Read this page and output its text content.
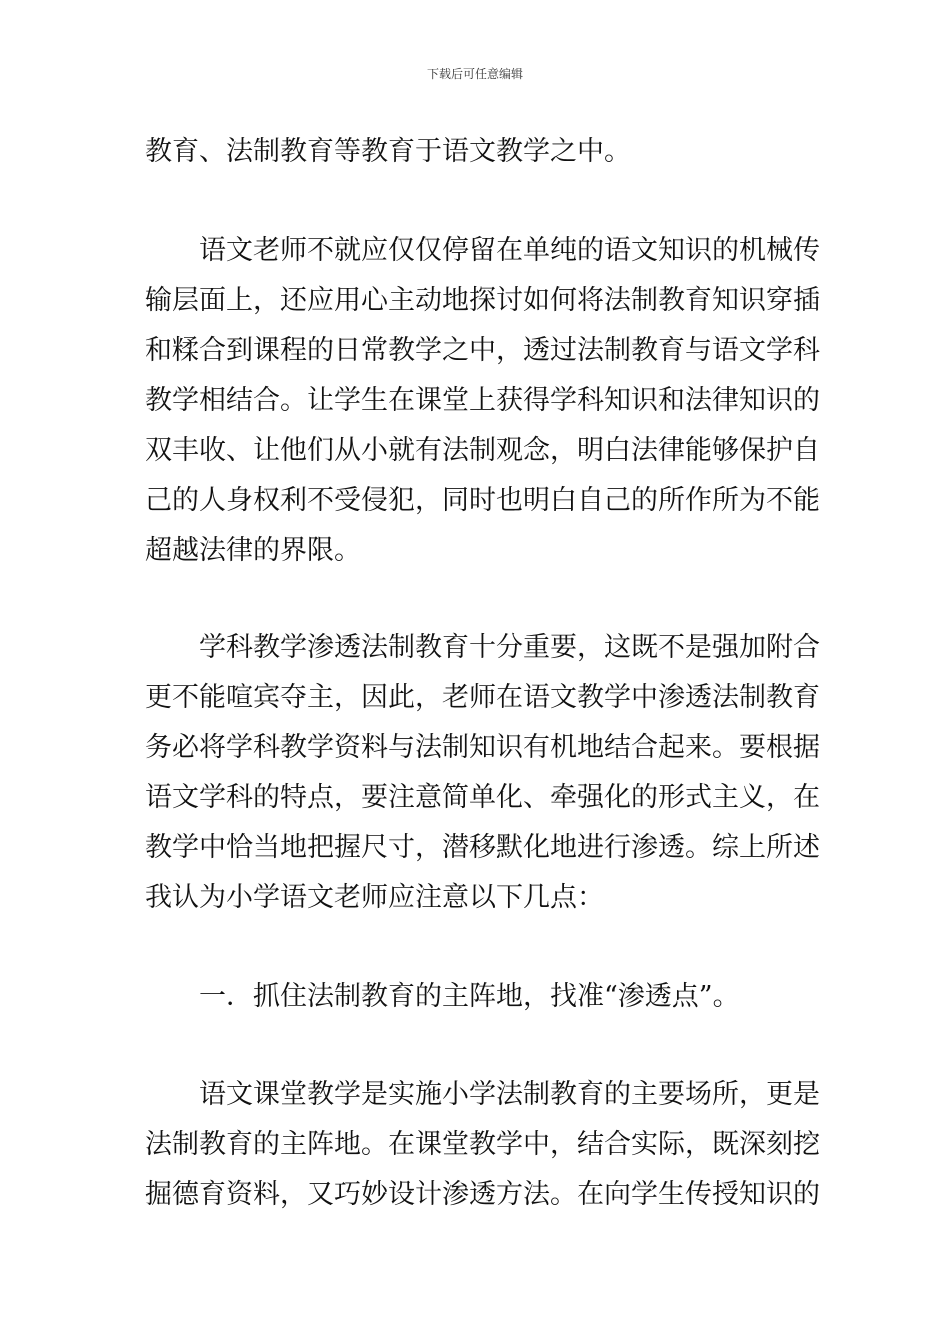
下载后可任意编辑
教育、法制教育等教育于语文教学之中。
语文老师不就应仅仅停留在单纯的语文知识的机械传
输层面上，还应用心主动地探讨如何将法制教育知识穿插
和糅合到课程的日常教学之中，透过法制教育与语文学科
教学相结合。让学生在课堂上获得学科知识和法律知识的
双丰收、让他们从小就有法制观念，明白法律能够保护自
己的人身权利不受侵犯，同时也明白自己的所作所为不能
超越法律的界限。
学科教学渗透法制教育十分重要，这既不是强加附合
更不能喧宾夺主，因此，老师在语文教学中渗透法制教育
务必将学科教学资料与法制知识有机地结合起来。要根据
语文学科的特点，要注意简单化、牵强化的形式主义，在
教学中恰当地把握尺寸，潜移默化地进行渗透。综上所述
我认为小学语文老师应注意以下几点：
一．抓住法制教育的主阵地，找准“渗透点”。
语文课堂教学是实施小学法制教育的主要场所，更是
法制教育的主阵地。在课堂教学中，结合实际，既深刻挖
掘德育资料，又巧妙设计渗透方法。在向学生传授知识的
